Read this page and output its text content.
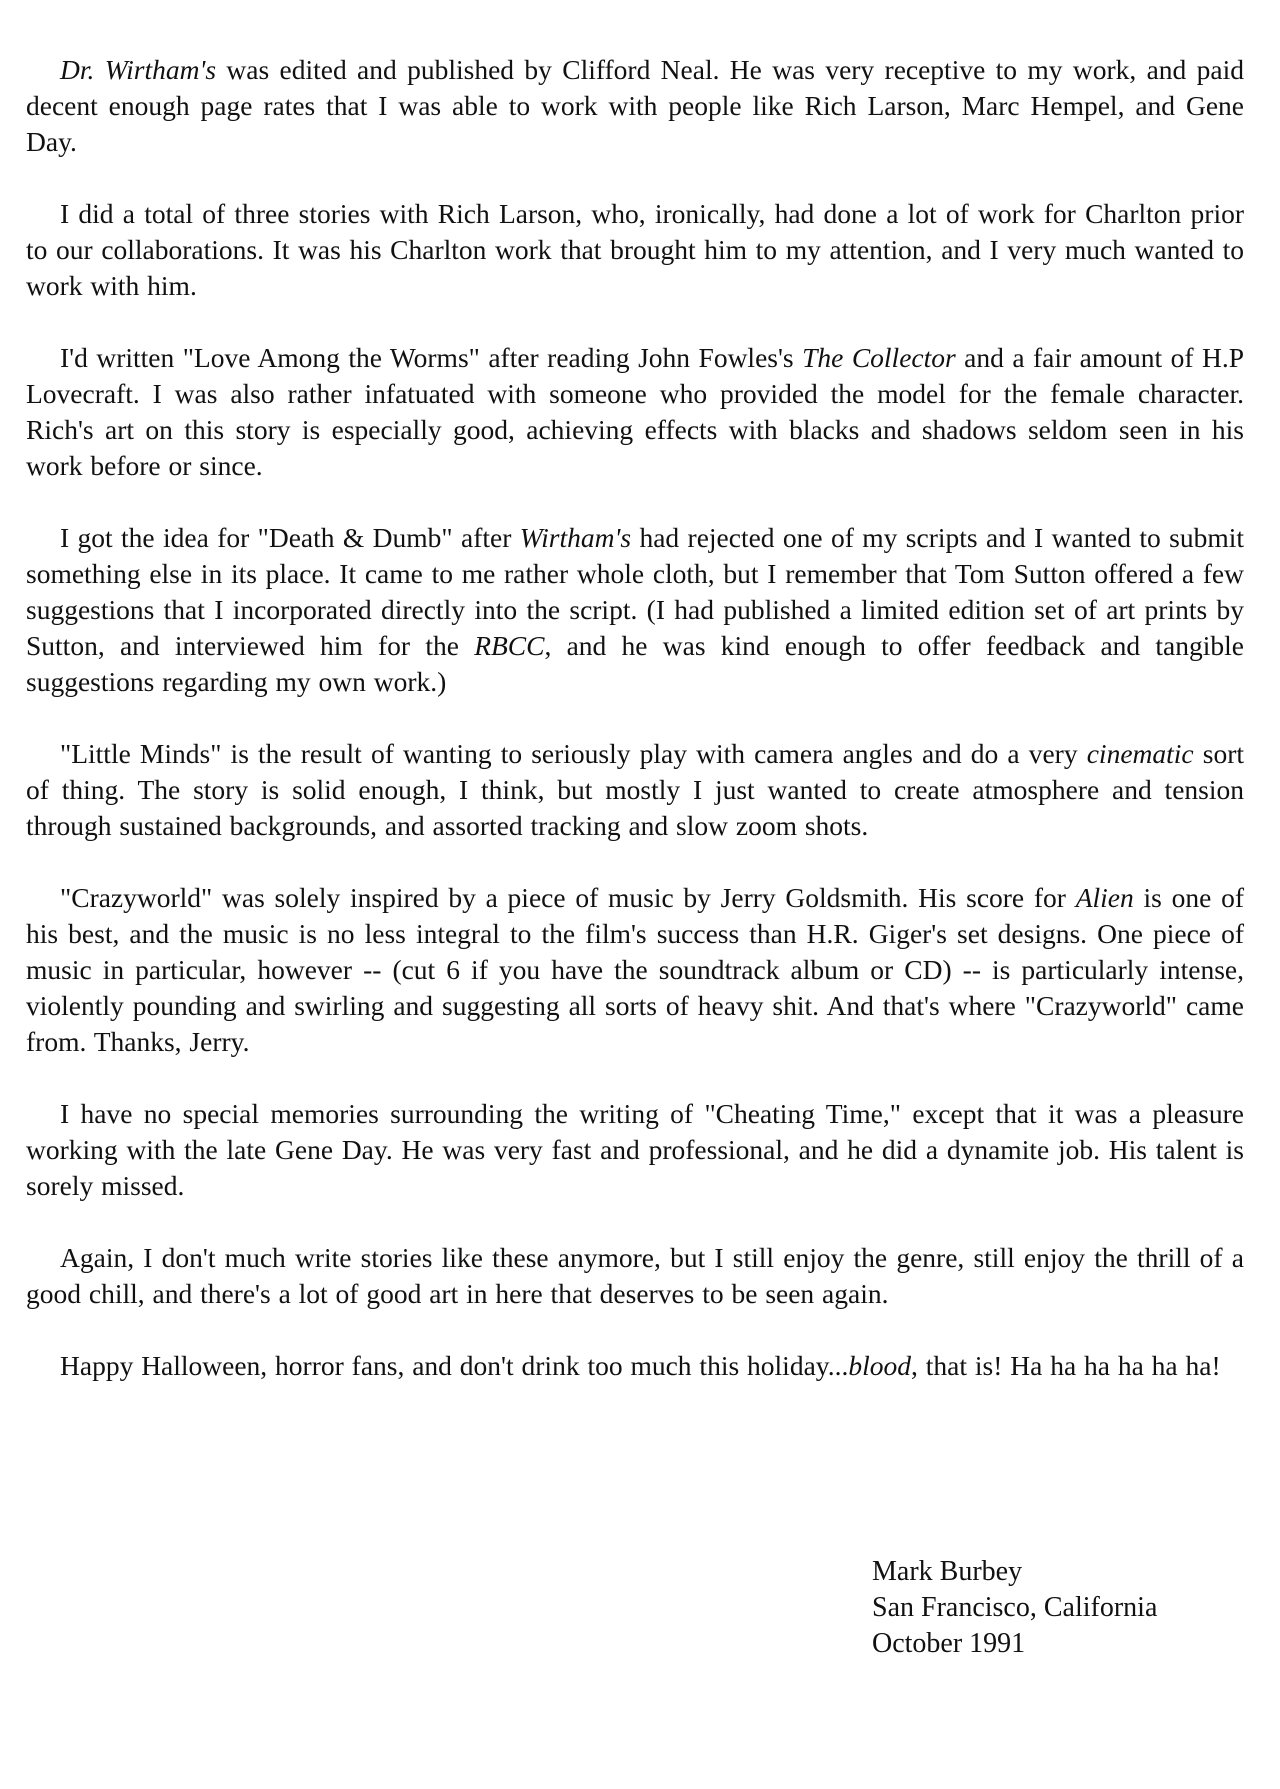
Dr. Wirtham's was edited and published by Clifford Neal. He was very receptive to my work, and paid decent enough page rates that I was able to work with people like Rich Larson, Marc Hempel, and Gene Day.

I did a total of three stories with Rich Larson, who, ironically, had done a lot of work for Charlton prior to our collaborations. It was his Charlton work that brought him to my attention, and I very much wanted to work with him.

I'd written "Love Among the Worms" after reading John Fowles's The Collector and a fair amount of H.P Lovecraft. I was also rather infatuated with someone who provided the model for the female character. Rich's art on this story is especially good, achieving effects with blacks and shadows seldom seen in his work before or since.

I got the idea for "Death & Dumb" after Wirtham's had rejected one of my scripts and I wanted to submit something else in its place. It came to me rather whole cloth, but I remember that Tom Sutton offered a few suggestions that I incorporated directly into the script. (I had published a limited edition set of art prints by Sutton, and interviewed him for the RBCC, and he was kind enough to offer feedback and tangible suggestions regarding my own work.)

"Little Minds" is the result of wanting to seriously play with camera angles and do a very cinematic sort of thing. The story is solid enough, I think, but mostly I just wanted to create atmosphere and tension through sustained backgrounds, and assorted tracking and slow zoom shots.

"Crazyworld" was solely inspired by a piece of music by Jerry Goldsmith. His score for Alien is one of his best, and the music is no less integral to the film's success than H.R. Giger's set designs. One piece of music in particular, however -- (cut 6 if you have the soundtrack album or CD) -- is particularly intense, violently pounding and swirling and suggesting all sorts of heavy shit. And that's where "Crazyworld" came from. Thanks, Jerry.

I have no special memories surrounding the writing of "Cheating Time," except that it was a pleasure working with the late Gene Day. He was very fast and professional, and he did a dynamite job. His talent is sorely missed.

Again, I don't much write stories like these anymore, but I still enjoy the genre, still enjoy the thrill of a good chill, and there's a lot of good art in here that deserves to be seen again.

Happy Halloween, horror fans, and don't drink too much this holiday...blood, that is! Ha ha ha ha ha ha!

Mark Burbey
San Francisco, California
October 1991
